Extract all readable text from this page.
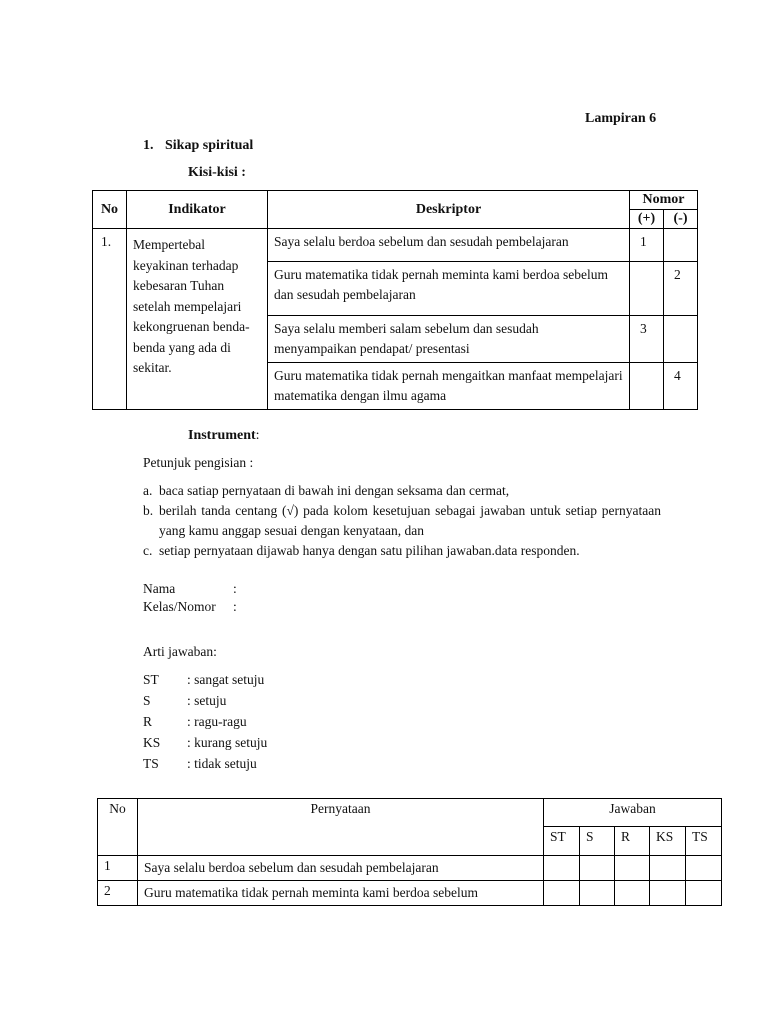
Lampiran 6
1. Sikap spiritual
Kisi-kisi :
No	Indikator	Deskriptor	Nomor	
			(+)	(-)
1.	Mempertebal keyakinan terhadap kebesaran Tuhan setelah mempelajari kekongruenan benda-benda yang ada di sekitar.	Saya selalu berdoa sebelum dan sesudah pembelajaran	1	
		Guru matematika tidak pernah meminta kami berdoa sebelum dan sesudah pembelajaran		2
		Saya selalu memberi salam sebelum dan sesudah menyampaikan pendapat/ presentasi	3	
		Guru matematika tidak pernah mengaitkan manfaat mempelajari matematika dengan ilmu agama		4
Instrument:
Petunjuk pengisian :
a. baca satiap pernyataan di bawah ini dengan seksama dan cermat,
b. berilah tanda centang (√) pada kolom kesetujuan sebagai jawaban untuk setiap pernyataan yang kamu anggap sesuai dengan kenyataan, dan
c. setiap pernyataan dijawab hanya dengan satu pilihan jawaban.data responden.
Nama	:
Kelas/Nomor :
Arti jawaban:
ST : sangat setuju
S	: setuju
R	: ragu-ragu
KS : kurang setuju
TS : tidak setuju
No	Pernyataan	Jawaban				
		ST	S	R	KS	TS
1	Saya selalu berdoa sebelum dan sesudah pembelajaran					
2	Guru matematika tidak pernah meminta kami berdoa sebelum					
